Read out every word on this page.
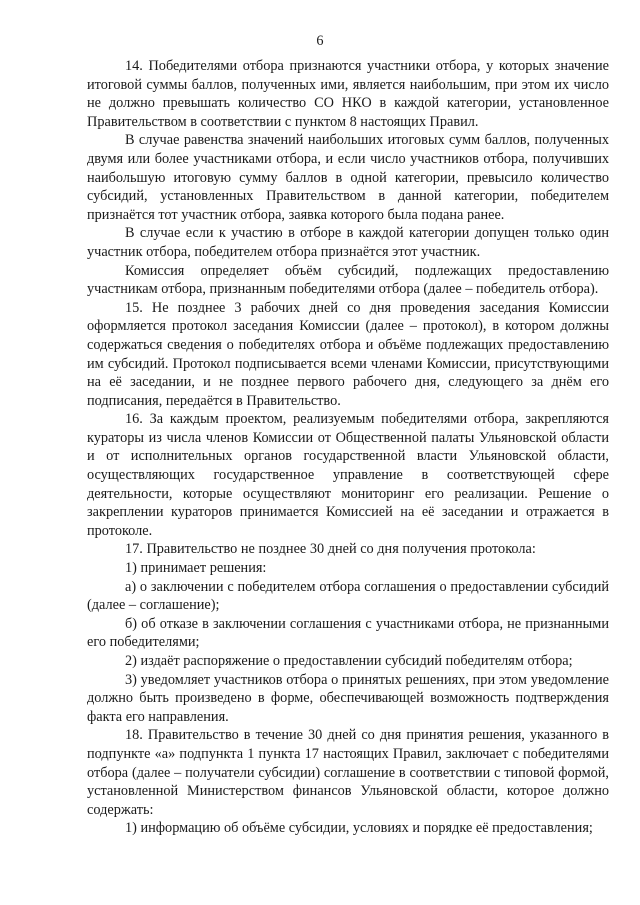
6

14. Победителями отбора признаются участники отбора, у которых значение итоговой суммы баллов, полученных ими, является наибольшим, при этом их число не должно превышать количество СО НКО в каждой категории, установленное Правительством в соответствии с пунктом 8 настоящих Правил.

В случае равенства значений наибольших итоговых сумм баллов, полученных двумя или более участниками отбора, и если число участников отбора, получивших наибольшую итоговую сумму баллов в одной категории, превысило количество субсидий, установленных Правительством в данной категории, победителем признаётся тот участник отбора, заявка которого была подана ранее.

В случае если к участию в отборе в каждой категории допущен только один участник отбора, победителем отбора признаётся этот участник.

Комиссия определяет объём субсидий, подлежащих предоставлению участникам отбора, признанным победителями отбора (далее – победитель отбора).

15. Не позднее 3 рабочих дней со дня проведения заседания Комиссии оформляется протокол заседания Комиссии (далее – протокол), в котором должны содержаться сведения о победителях отбора и объёме подлежащих предоставлению им субсидий. Протокол подписывается всеми членами Комиссии, присутствующими на её заседании, и не позднее первого рабочего дня, следующего за днём его подписания, передаётся в Правительство.

16. За каждым проектом, реализуемым победителями отбора, закрепляются кураторы из числа членов Комиссии от Общественной палаты Ульяновской области и от исполнительных органов государственной власти Ульяновской области, осуществляющих государственное управление в соответствующей сфере деятельности, которые осуществляют мониторинг его реализации. Решение о закреплении кураторов принимается Комиссией на её заседании и отражается в протоколе.

17. Правительство не позднее 30 дней со дня получения протокола:

1) принимает решения:

а) о заключении с победителем отбора соглашения о предоставлении субсидий (далее – соглашение);

б) об отказе в заключении соглашения с участниками отбора, не признанными его победителями;

2) издаёт распоряжение о предоставлении субсидий победителям отбора;

3) уведомляет участников отбора о принятых решениях, при этом уведомление должно быть произведено в форме, обеспечивающей возможность подтверждения факта его направления.

18. Правительство в течение 30 дней со дня принятия решения, указанного в подпункте «а» подпункта 1 пункта 17 настоящих Правил, заключает с победителями отбора (далее – получатели субсидии) соглашение в соответствии с типовой формой, установленной Министерством финансов Ульяновской области, которое должно содержать:

1) информацию об объёме субсидии, условиях и порядке её предоставления;
